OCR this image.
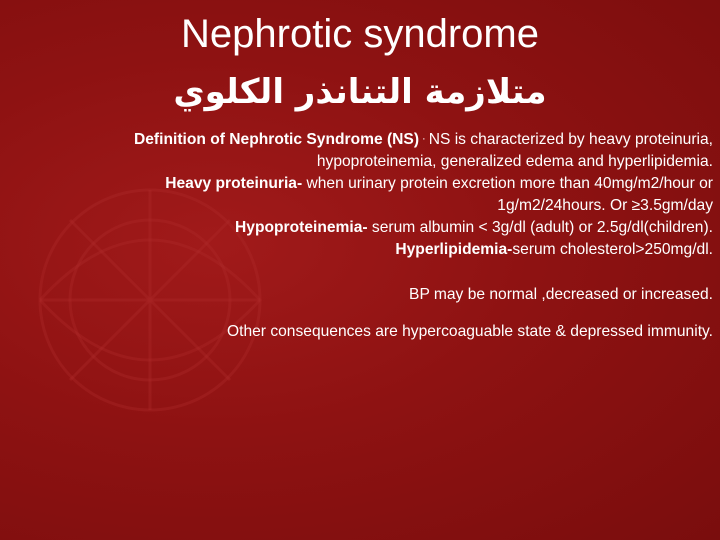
Nephrotic syndrome
متلازمة التنانذر الكلوي

Definition of Nephrotic Syndrome (NS) · NS is characterized by heavy proteinuria,

hypoproteinemia, generalized edema and hyperlipidemia.

Heavy proteinuria- when urinary protein excretion more than 40mg/m2/hour or

1g/m2/24hours. Or ≥3.5gm/day

Hypoproteinemia- serum albumin < 3g/dl (adult) or 2.5g/dl(children).

Hyperlipidemia-serum cholesterol>250mg/dl.

BP may be normal ,decreased or increased.

Other consequences are hypercoaguable state & depressed immunity.
